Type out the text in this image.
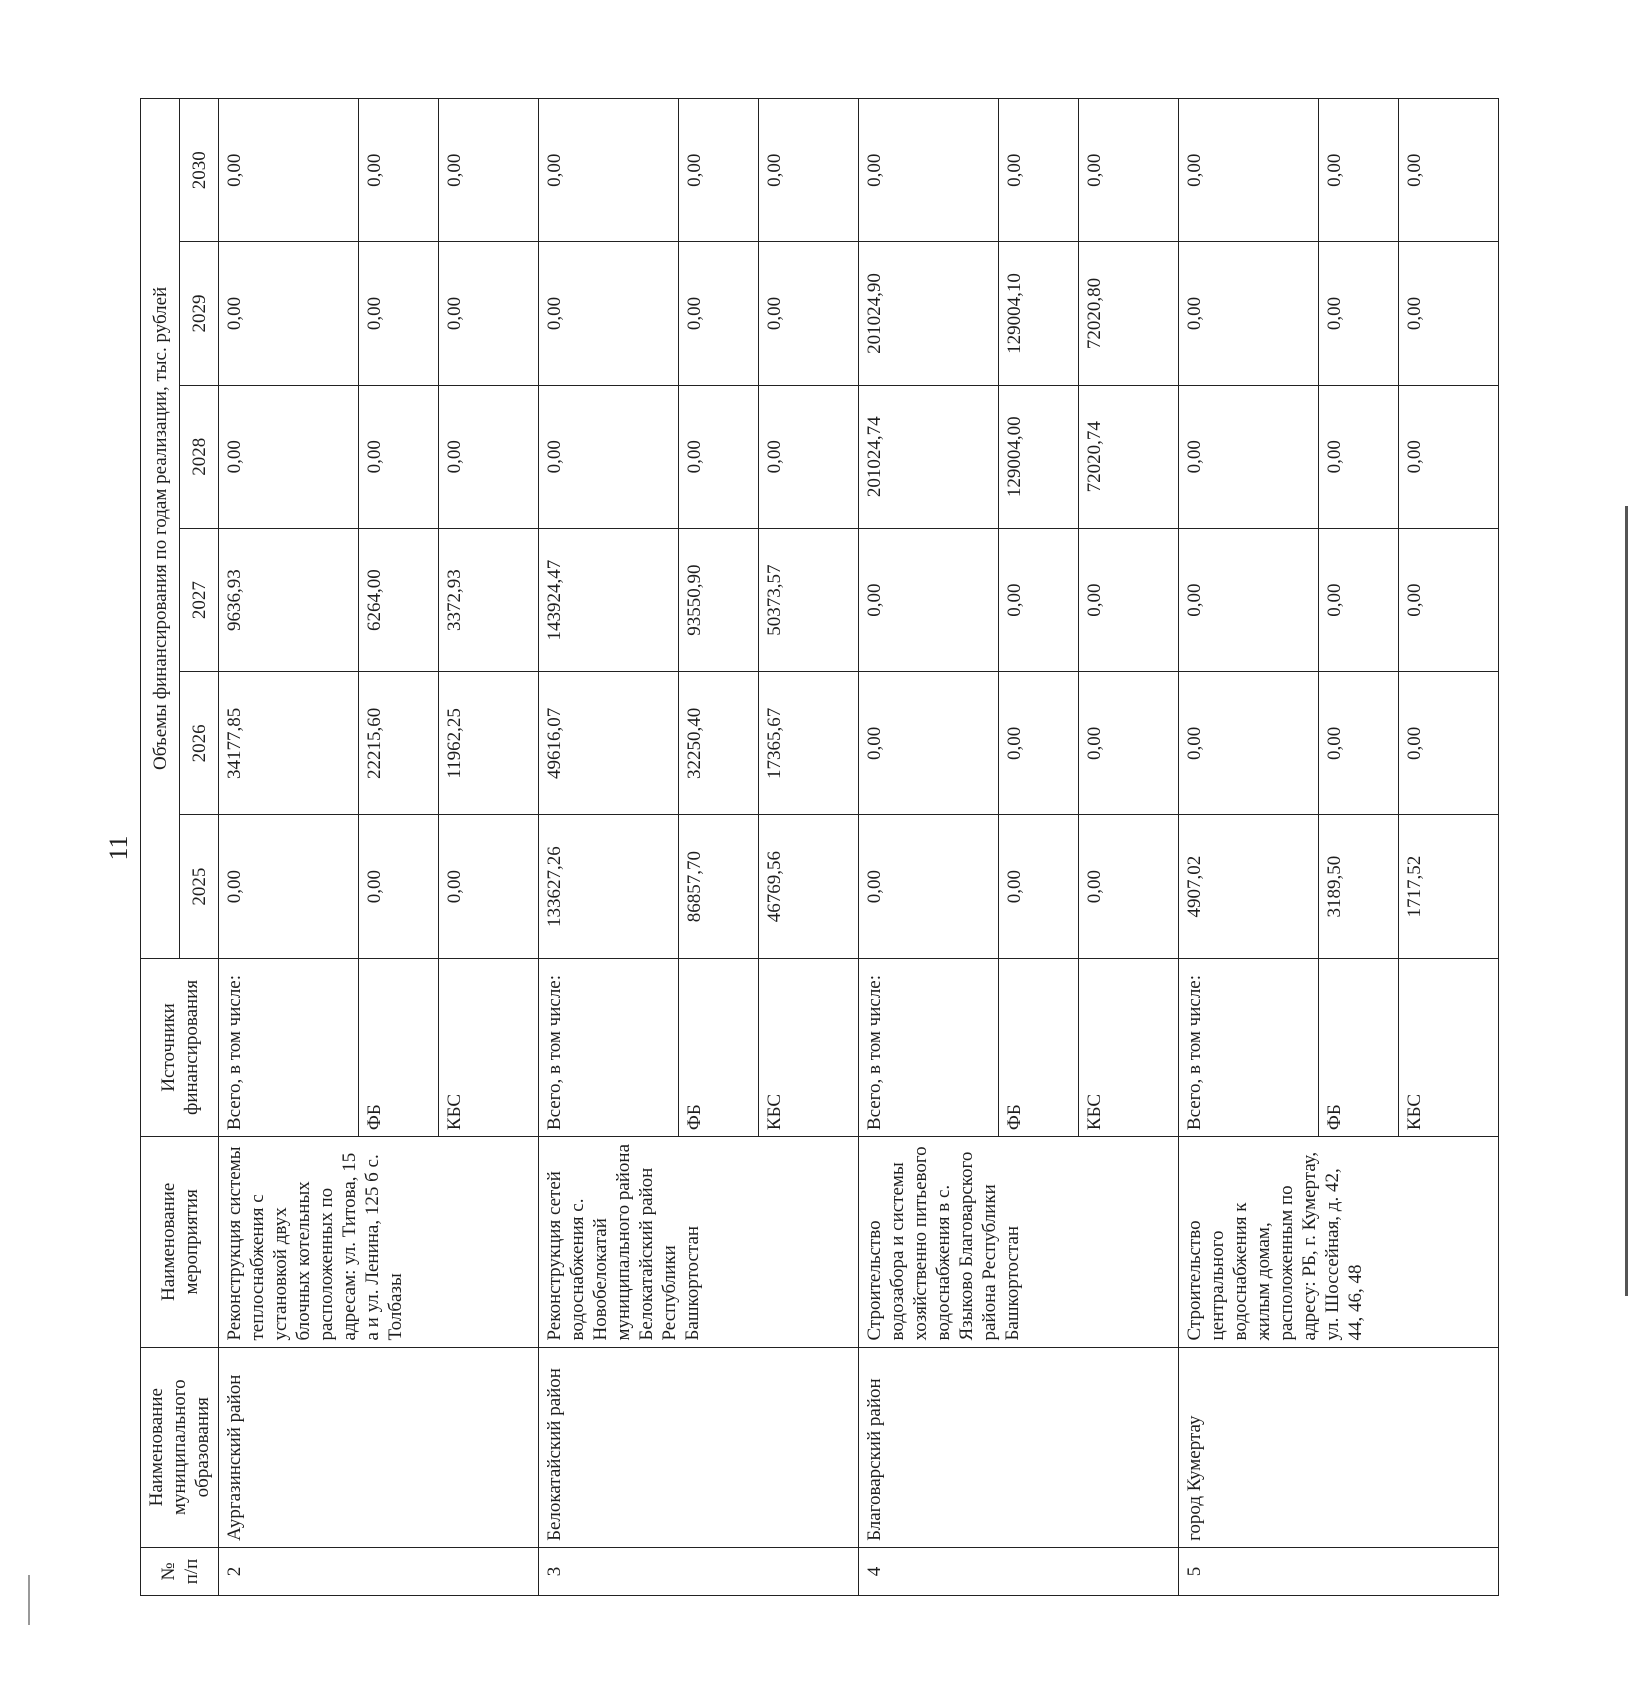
11
№ п/п	Наименование муниципального образования	Наименование мероприятия	Источники финансирования	Объемы финансирования по годам реализации, тыс. рублей					
				2025	2026	2027	2028	2029	2030
2	Аургазинский район	Реконструкция системы теплоснабжения с установкой двух блочных котельных расположенных по адресам: ул. Титова, 15 а и ул. Ленина, 125 б с. Толбазы	Всего, в том числе:	0,00	34177,85	9636,93	0,00	0,00	0,00
			ФБ	0,00	22215,60	6264,00	0,00	0,00	0,00
			КБС	0,00	11962,25	3372,93	0,00	0,00	0,00
3	Белокатайский район	Реконструкция сетей водоснабжения с. Новобелокатай муниципального района Белокатайский район Республики Башкортостан	Всего, в том числе:	133627,26	49616,07	143924,47	0,00	0,00	0,00
			ФБ	86857,70	32250,40	93550,90	0,00	0,00	0,00
			КБС	46769,56	17365,67	50373,57	0,00	0,00	0,00
4	Благоварский район	Строительство водозабора и системы хозяйственно питьевого водоснабжения в с. Языково Благоварского района Республики Башкортостан	Всего, в том числе:	0,00	0,00	0,00	201024,74	201024,90	0,00
			ФБ	0,00	0,00	0,00	129004,00	129004,10	0,00
			КБС	0,00	0,00	0,00	72020,74	72020,80	0,00
5	город Кумертау	Строительство центрального водоснабжения к жилым домам, расположенным по адресу: РБ, г. Кумертау, ул. Шоссейная, д. 42, 44, 46, 48	Всего, в том числе:	4907,02	0,00	0,00	0,00	0,00	0,00
			ФБ	3189,50	0,00	0,00	0,00	0,00	0,00
			КБС	1717,52	0,00	0,00	0,00	0,00	0,00
